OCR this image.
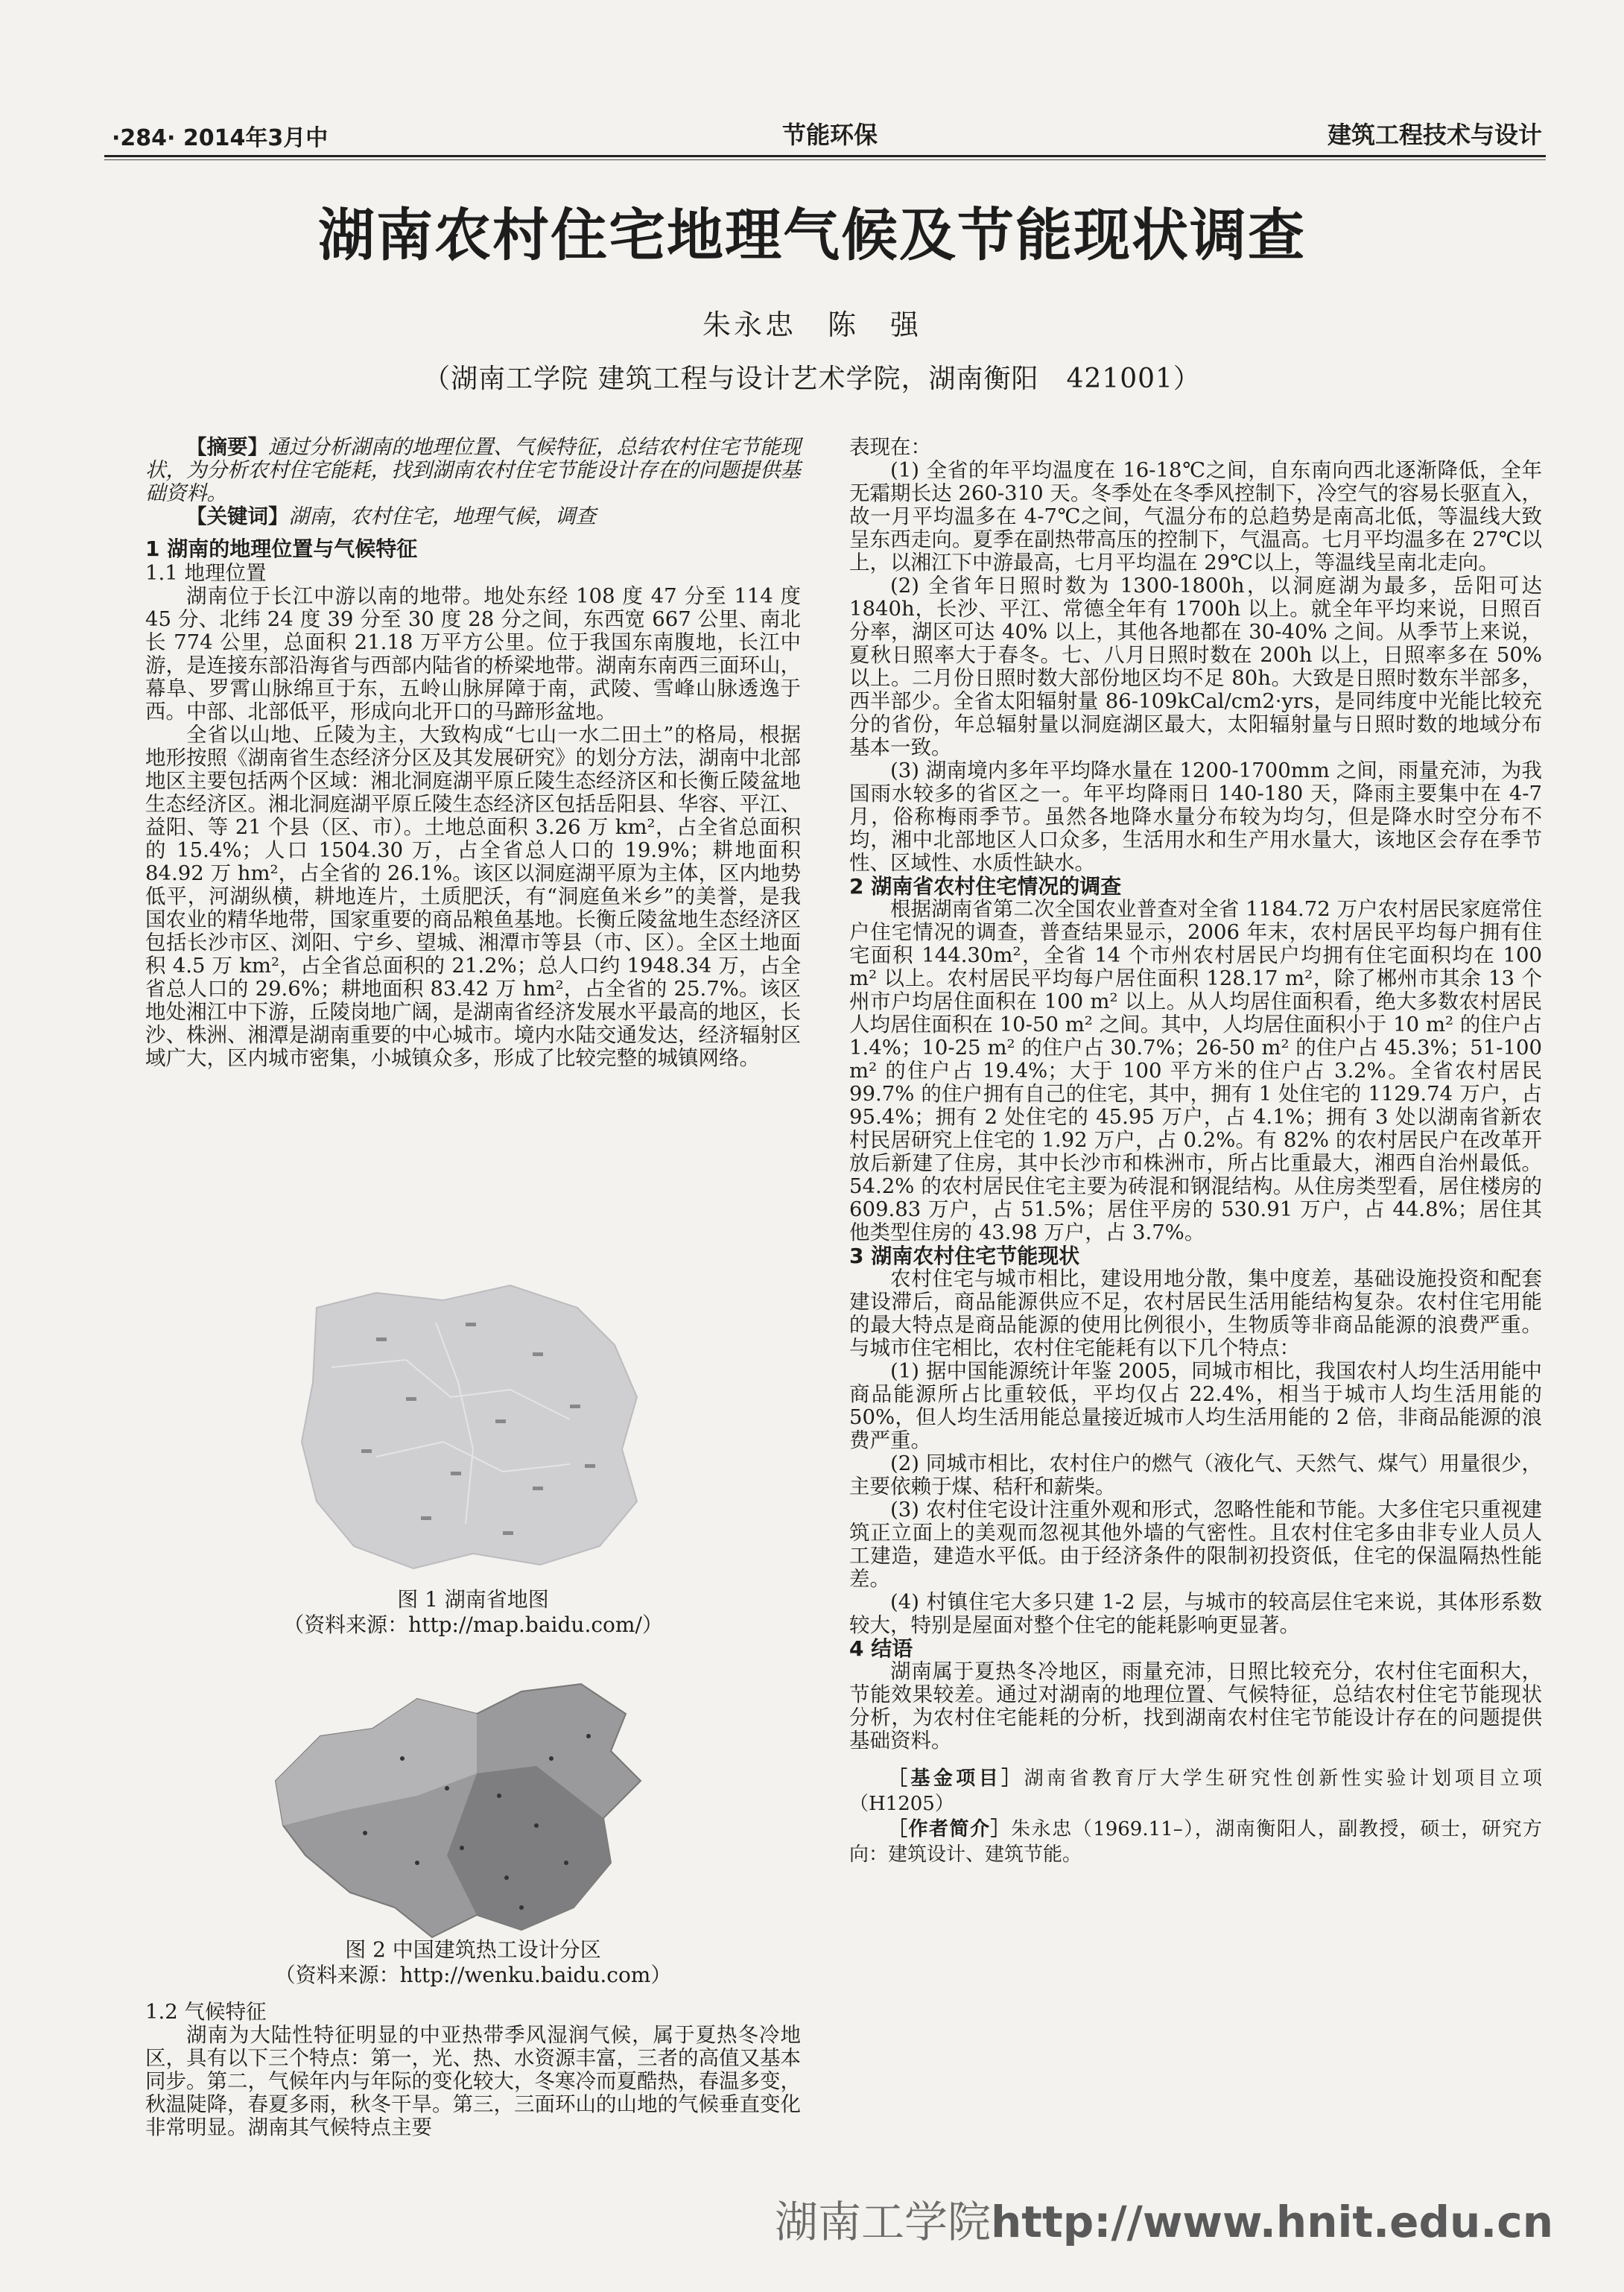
·284· 2014年3月中	节能环保	建筑工程技术与设计
湖南农村住宅地理气候及节能现状调查
朱永忠　陈　强
（湖南工学院 建筑工程与设计艺术学院，湖南衡阳　421001）

【摘要】通过分析湖南的地理位置、气候特征，总结农村住宅节能现状，为分析农村住宅能耗，找到湖南农村住宅节能设计存在的问题提供基础资料。

【关键词】湖南，农村住宅，地理气候，调查

1 湖南的地理位置与气候特征

1.1 地理位置

湖南位于长江中游以南的地带。地处东经 108 度 47 分至 114 度 45 分、北纬 24 度 39 分至 30 度 28 分之间，东西宽 667 公里、南北长 774 公里，总面积 21.18 万平方公里。位于我国东南腹地，长江中游，是连接东部沿海省与西部内陆省的桥梁地带。湖南东南西三面环山，幕阜、罗霄山脉绵亘于东，五岭山脉屏障于南，武陵、雪峰山脉透逸于西。中部、北部低平，形成向北开口的马蹄形盆地。

全省以山地、丘陵为主，大致构成“七山一水二田土”的格局，根据地形按照《湖南省生态经济分区及其发展研究》的划分方法，湖南中北部地区主要包括两个区域：湘北洞庭湖平原丘陵生态经济区和长衡丘陵盆地生态经济区。湘北洞庭湖平原丘陵生态经济区包括岳阳县、华容、平江、益阳、等 21 个县（区、市）。土地总面积 3.26 万 km²，占全省总面积的 15.4%；人口 1504.30 万，占全省总人口的 19.9%；耕地面积 84.92 万 hm²，占全省的 26.1%。该区以洞庭湖平原为主体，区内地势低平，河湖纵横，耕地连片，土质肥沃，有“洞庭鱼米乡”的美誉，是我国农业的精华地带，国家重要的商品粮鱼基地。长衡丘陵盆地生态经济区包括长沙市区、浏阳、宁乡、望城、湘潭市等县（市、区）。全区土地面积 4.5 万 km²，占全省总面积的 21.2%；总人口约 1948.34 万，占全省总人口的 29.6%；耕地面积 83.42 万 hm²，占全省的 25.7%。该区地处湘江中下游，丘陵岗地广阔，是湖南省经济发展水平最高的地区，长沙、株洲、湘潭是湖南重要的中心城市。境内水陆交通发达，经济辐射区域广大，区内城市密集，小城镇众多，形成了比较完整的城镇网络。

图 1 湖南省地图
（资料来源：http://map.baidu.com/）
图 2 中国建筑热工设计分区
（资料来源：http://wenku.baidu.com）

1.2 气候特征

湖南为大陆性特征明显的中亚热带季风湿润气候，属于夏热冬冷地区，具有以下三个特点：第一，光、热、水资源丰富，三者的高值又基本同步。第二，气候年内与年际的变化较大，冬寒冷而夏酷热，春温多变，秋温陡降，春夏多雨，秋冬干旱。第三，三面环山的山地的气候垂直变化非常明显。湖南其气候特点主要

表现在：

(1) 全省的年平均温度在 16-18℃之间，自东南向西北逐渐降低，全年无霜期长达 260-310 天。冬季处在冬季风控制下，冷空气的容易长驱直入，故一月平均温多在 4-7℃之间，气温分布的总趋势是南高北低，等温线大致呈东西走向。夏季在副热带高压的控制下，气温高。七月平均温多在 27℃以上，以湘江下中游最高，七月平均温在 29℃以上，等温线呈南北走向。

(2) 全省年日照时数为 1300-1800h，以洞庭湖为最多，岳阳可达 1840h，长沙、平江、常德全年有 1700h 以上。就全年平均来说，日照百分率，湖区可达 40% 以上，其他各地都在 30-40% 之间。从季节上来说，夏秋日照率大于春冬。七、八月日照时数在 200h 以上，日照率多在 50% 以上。二月份日照时数大部份地区均不足 80h。大致是日照时数东半部多，西半部少。全省太阳辐射量 86-109kCal/cm2·yrs，是同纬度中光能比较充分的省份，年总辐射量以洞庭湖区最大，太阳辐射量与日照时数的地域分布基本一致。

(3) 湖南境内多年平均降水量在 1200-1700mm 之间，雨量充沛，为我国雨水较多的省区之一。年平均降雨日 140-180 天，降雨主要集中在 4-7 月，俗称梅雨季节。虽然各地降水量分布较为均匀，但是降水时空分布不均，湘中北部地区人口众多，生活用水和生产用水量大，该地区会存在季节性、区域性、水质性缺水。

2 湖南省农村住宅情况的调查

根据湖南省第二次全国农业普查对全省 1184.72 万户农村居民家庭常住户住宅情况的调查，普查结果显示，2006 年末，农村居民平均每户拥有住宅面积 144.30m²，全省 14 个市州农村居民户均拥有住宅面积均在 100 m² 以上。农村居民平均每户居住面积 128.17 m²，除了郴州市其余 13 个州市户均居住面积在 100 m² 以上。从人均居住面积看，绝大多数农村居民人均居住面积在 10-50 m² 之间。其中，人均居住面积小于 10 m² 的住户占 1.4%；10-25 m² 的住户占 30.7%；26-50 m² 的住户占 45.3%；51-100 m² 的住户占 19.4%；大于 100 平方米的住户占 3.2%。全省农村居民 99.7% 的住户拥有自己的住宅，其中，拥有 1 处住宅的 1129.74 万户，占 95.4%；拥有 2 处住宅的 45.95 万户，占 4.1%；拥有 3 处以湖南省新农村民居研究上住宅的 1.92 万户，占 0.2%。有 82% 的农村居民户在改革开放后新建了住房，其中长沙市和株洲市，所占比重最大，湘西自治州最低。54.2% 的农村居民住宅主要为砖混和钢混结构。从住房类型看，居住楼房的 609.83 万户，占 51.5%；居住平房的 530.91 万户，占 44.8%；居住其他类型住房的 43.98 万户，占 3.7%。

3 湖南农村住宅节能现状

农村住宅与城市相比，建设用地分散，集中度差，基础设施投资和配套建设滞后，商品能源供应不足，农村居民生活用能结构复杂。农村住宅用能的最大特点是商品能源的使用比例很小，生物质等非商品能源的浪费严重。与城市住宅相比，农村住宅能耗有以下几个特点：

(1) 据中国能源统计年鉴 2005，同城市相比，我国农村人均生活用能中商品能源所占比重较低，平均仅占 22.4%，相当于城市人均生活用能的 50%，但人均生活用能总量接近城市人均生活用能的 2 倍，非商品能源的浪费严重。

(2) 同城市相比，农村住户的燃气（液化气、天然气、煤气）用量很少，主要依赖于煤、秸秆和薪柴。

(3) 农村住宅设计注重外观和形式，忽略性能和节能。大多住宅只重视建筑正立面上的美观而忽视其他外墙的气密性。且农村住宅多由非专业人员人工建造，建造水平低。由于经济条件的限制初投资低，住宅的保温隔热性能差。

(4) 村镇住宅大多只建 1-2 层，与城市的较高层住宅来说，其体形系数较大，特别是屋面对整个住宅的能耗影响更显著。

4 结语

湖南属于夏热冬冷地区，雨量充沛，日照比较充分，农村住宅面积大，节能效果较差。通过对湖南的地理位置、气候特征，总结农村住宅节能现状分析，为农村住宅能耗的分析，找到湖南农村住宅节能设计存在的问题提供基础资料。

［基金项目］湖南省教育厅大学生研究性创新性实验计划项目立项（H1205）

［作者简介］朱永忠（1969.11–），湖南衡阳人，副教授，硕士，研究方向：建筑设计、建筑节能。

湖南工学院http://www.hnit.edu.cn
